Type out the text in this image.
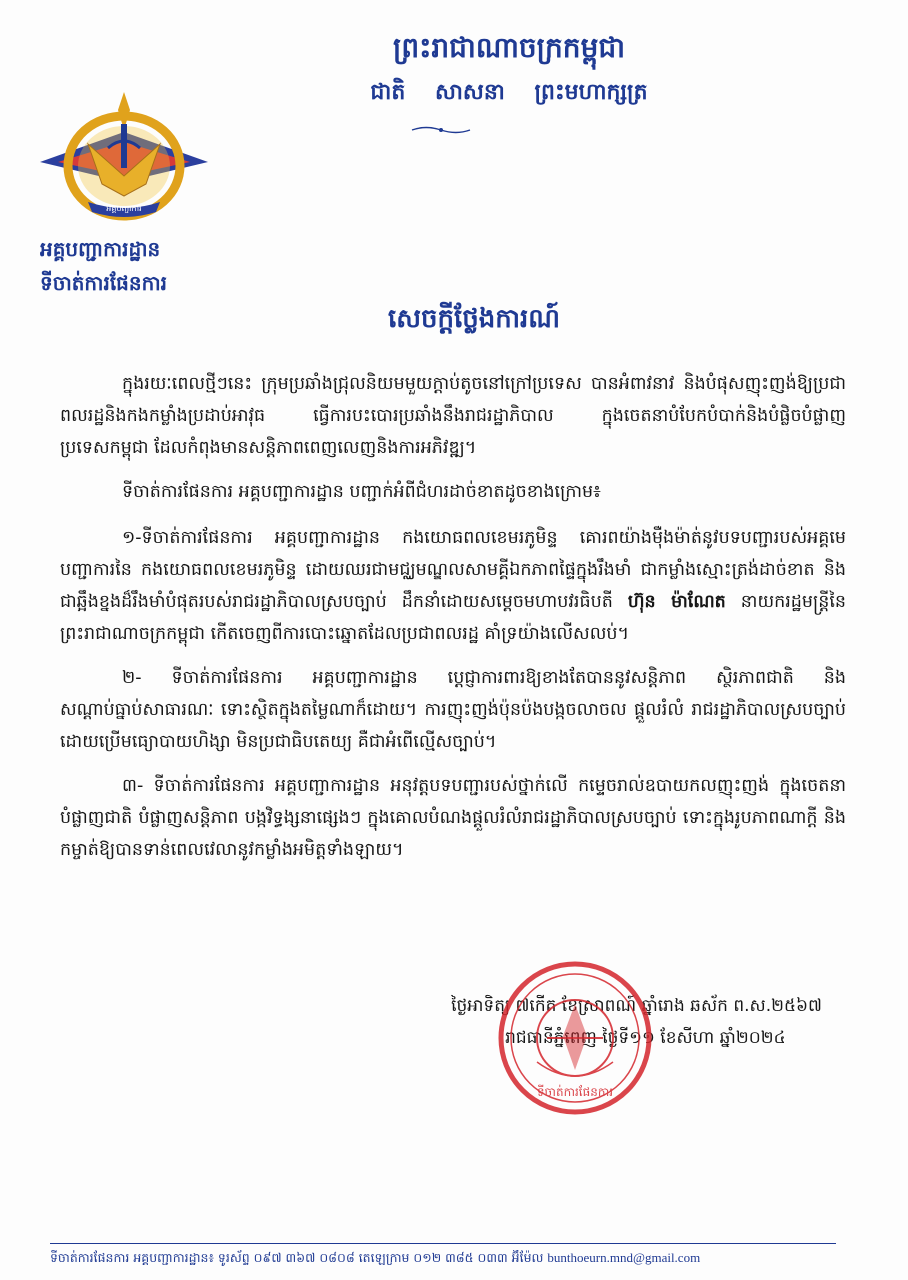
ព្រះរាជាណាចក្រកម្ពុជា
ជាតិ សាសនា ព្រះមហាក្សត្រ
អគ្គបញ្ជាការ
អគ្គបញ្ជាការដ្ឋាន
ទីចាត់ការផែនការ
សេចក្តីថ្លែងការណ៍

ក្នុងរយៈពេលថ្មីៗនេះ ក្រុមប្រឆាំងជ្រុលនិយមមួយក្តាប់តូចនៅក្រៅប្រទេស បានអំពាវនាវ និងបំផុសញុះញង់ឱ្យប្រជាពលរដ្ឋនិងកងកម្លាំងប្រដាប់អាវុធ ធ្វើការបះបោរប្រឆាំងនឹងរាជរដ្ឋាភិបាល ក្នុងចេតនាបំបែកបំបាក់និងបំផ្លិចបំផ្លាញប្រទេសកម្ពុជា ដែលកំពុងមានសន្តិភាពពេញលេញនិងការអភិវឌ្ឍ។

ទីចាត់ការផែនការ អគ្គបញ្ជាការដ្ឋាន បញ្ជាក់អំពីជំហរដាច់ខាតដូចខាងក្រោម៖

១-ទីចាត់ការផែនការ អគ្គបញ្ជាការដ្ឋាន កងយោធពលខេមរភូមិន្ទ គោរពយ៉ាងម៉ឺងម៉ាត់នូវបទបញ្ជារបស់អគ្គមេបញ្ជាការនៃ កងយោធពលខេមរភូមិន្ទ ដោយឈរជាមជ្ឈមណ្ឌលសាមគ្គីឯកភាពផ្ទៃក្នុងរឹងមាំ ជាកម្លាំងស្មោះត្រង់ដាច់ខាត និងជាឆ្អឹងខ្នងដ៏រឹងមាំបំផុតរបស់រាជរដ្ឋាភិបាលស្របច្បាប់ ដឹកនាំដោយសម្តេចមហាបវរធិបតី ហ៊ុន ម៉ាណែត នាយករដ្ឋមន្ត្រីនៃព្រះរាជាណាចក្រកម្ពុជា កើតចេញពីការបោះឆ្នោតដែលប្រជាពលរដ្ឋ គាំទ្រយ៉ាងលើសលប់។

២- ទីចាត់ការផែនការ អគ្គបញ្ជាការដ្ឋាន ប្តេជ្ញាការពារឱ្យខាងតែបាននូវសន្តិភាព ស្ថិរភាពជាតិ និងសណ្តាប់ធ្នាប់សាធារណៈ ទោះស្ថិតក្នុងតម្លៃណាក៏ដោយ។ ការញុះញង់ប៉ុនប៉ងបង្កចលាចល ផ្តួលរំលំ រាជរដ្ឋាភិបាលស្របច្បាប់ ដោយប្រើមធ្យោបាយហិង្សា មិនប្រជាធិបតេយ្យ គឺជាអំពើល្មើសច្បាប់។

៣- ទីចាត់ការផែនការ អគ្គបញ្ជាការដ្ឋាន អនុវត្តបទបញ្ជារបស់ថ្នាក់លើ កម្ទេចរាល់ឧបាយកលញុះញង់ ក្នុងចេតនាបំផ្លាញជាតិ បំផ្លាញសន្តិភាព បង្កវិទ្ធង្សនាផ្សេងៗ ក្នុងគោលបំណងផ្តួលរំលំរាជរដ្ឋាភិបាលស្របច្បាប់ ទោះក្នុងរូបភាពណាក្តី និងកម្ចាត់ឱ្យបានទាន់ពេលវេលានូវកម្លាំងអមិត្តទាំងឡាយ។

ថ្ងៃអាទិត្យ ៧កើត ខែស្រាពណ៍ ឆ្នាំរោង ឆស័ក ព.ស.២៥៦៧
រាជធានីភ្នំពេញ ថ្ងៃទី១១ ខែសីហា ឆ្នាំ២០២៤
ទីចាត់ការផែនការ
ទីចាត់ការផែនការ អគ្គបញ្ជាការដ្ឋាន៖ ទូរស័ព្ទ ០៩៧ ៣៦៧ ០៨០៨ តេឡេក្រាម ០១២ ៣៨៥ ០៣៣ អ៊ីម៉ែល bunthoeurn.mnd@gmail.com
